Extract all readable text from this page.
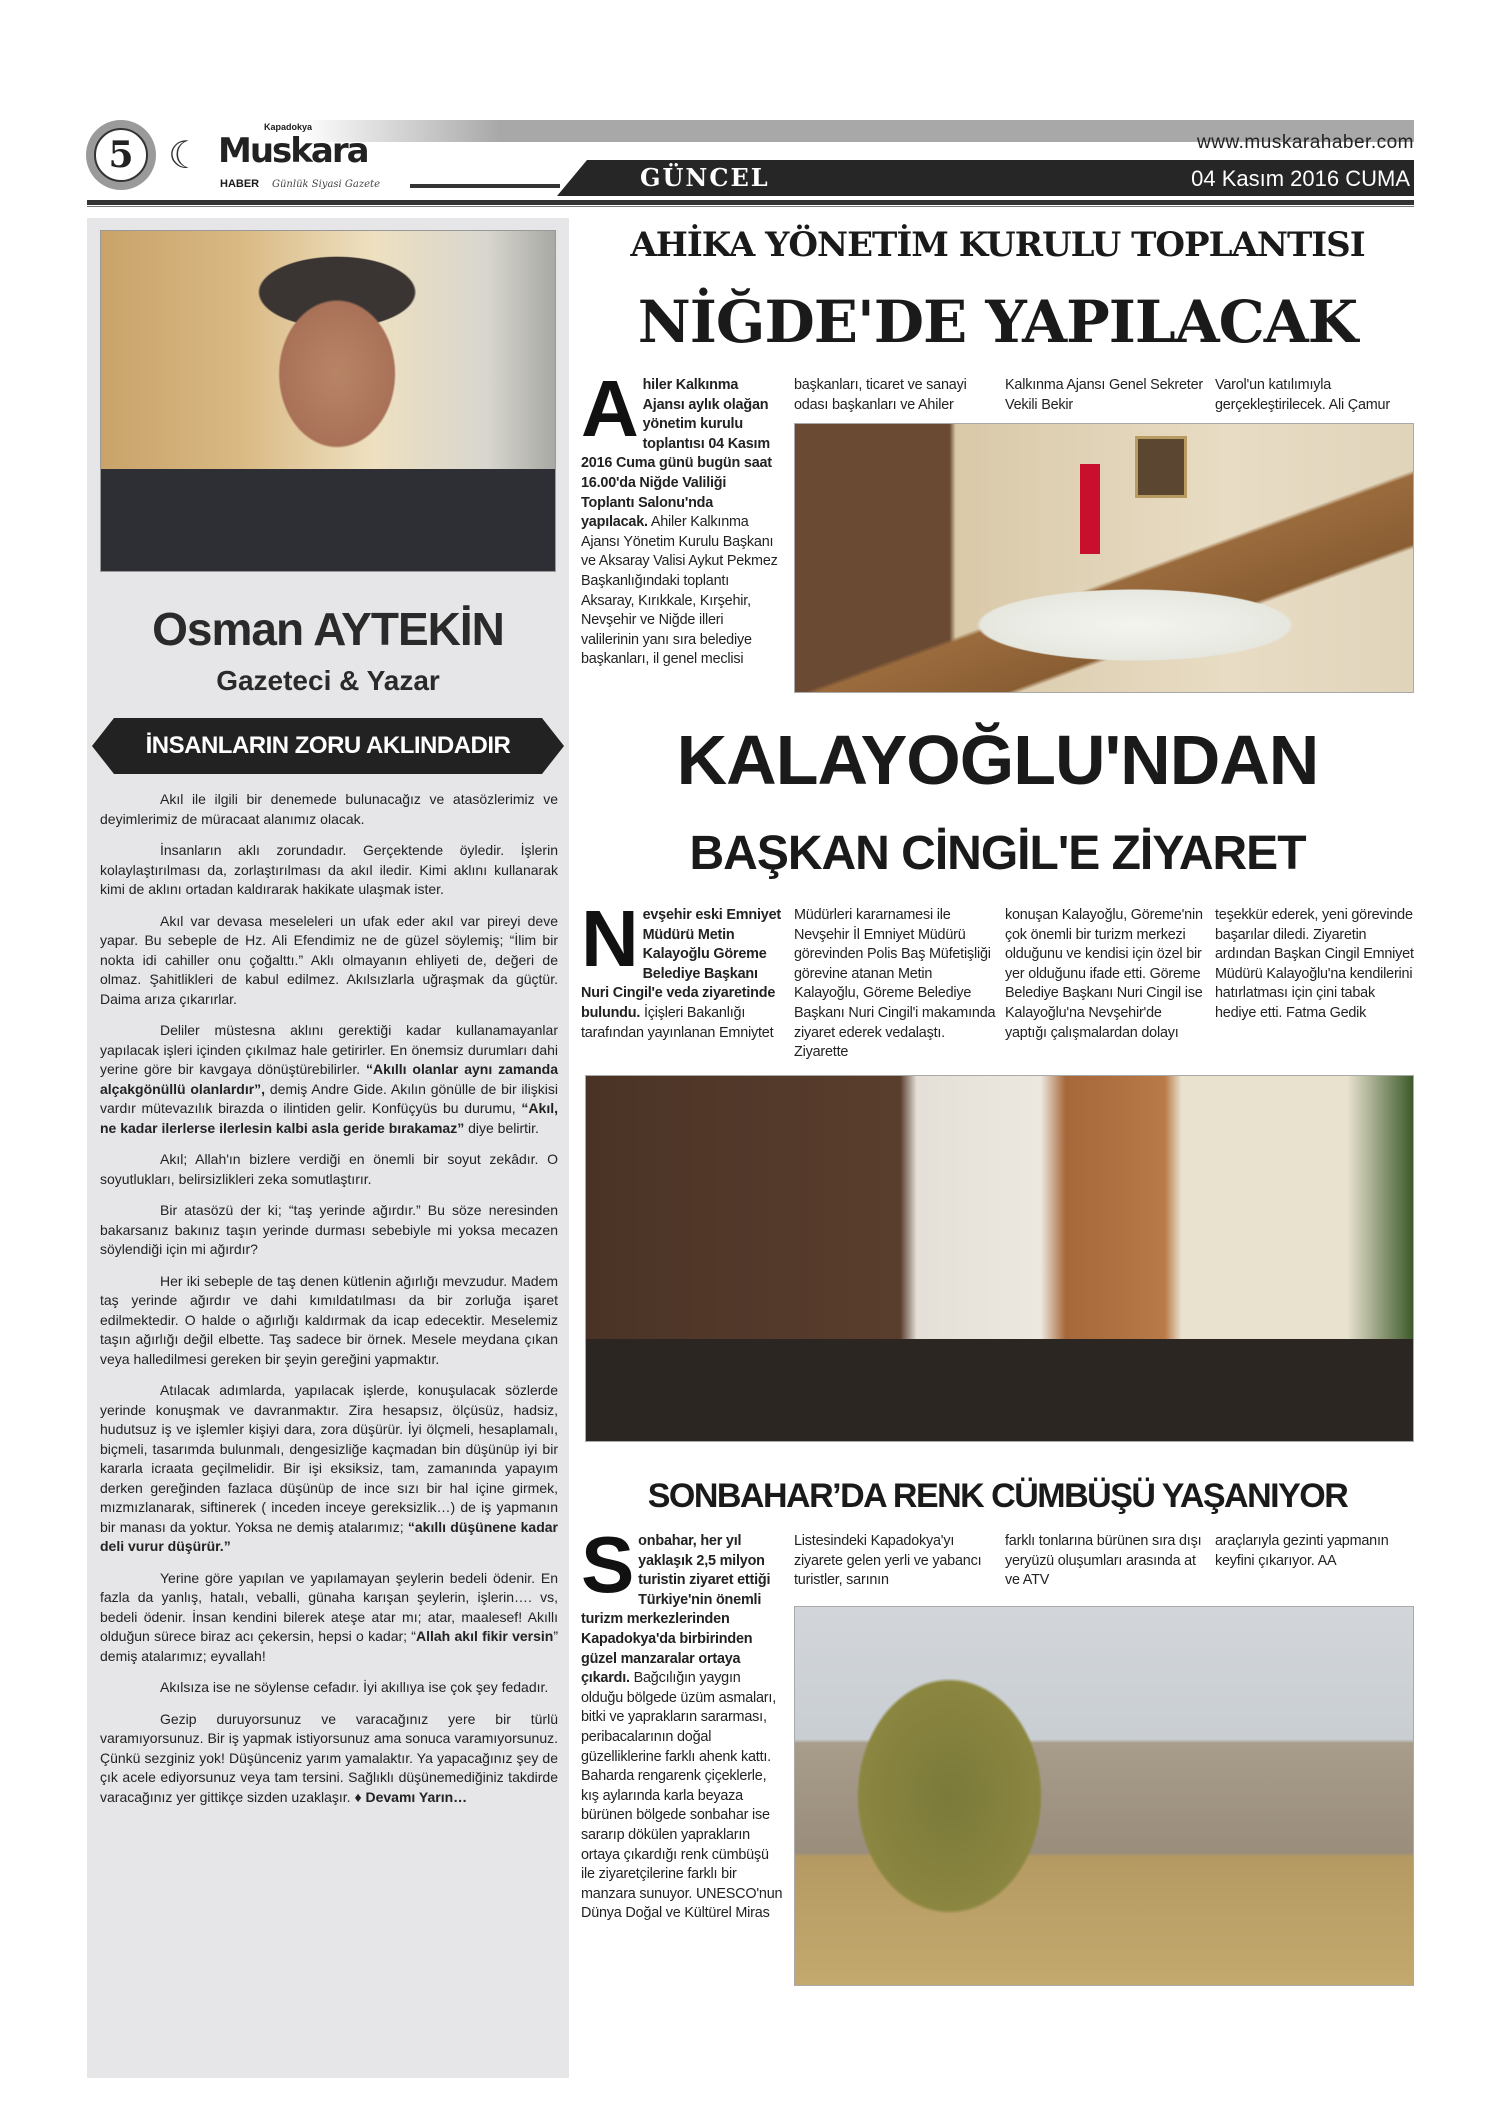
5 ☾
Kapadokya
Muskara
HABER Günlük Siyasi Gazete
www.muskarahaber.com
GÜNCEL	04 Kasım 2016 CUMA
Osman AYTEKİN
Gazeteci & Yazar
İNSANLARIN ZORU AKLINDADIR

Akıl ile ilgili bir denemede bulunacağız ve atasözlerimiz ve deyimlerimiz de müracaat alanımız olacak.

İnsanların aklı zorundadır. Gerçektende öyledir. İşlerin kolaylaştırılması da, zorlaştırılması da akıl iledir. Kimi aklını kullanarak kimi de aklını ortadan kaldırarak hakikate ulaşmak ister.

Akıl var devasa meseleleri un ufak eder akıl var pireyi deve yapar. Bu sebeple de Hz. Ali Efendimiz ne de güzel söylemiş; “İlim bir nokta idi cahiller onu çoğalttı.” Aklı olmayanın ehliyeti de, değeri de olmaz. Şahitlikleri de kabul edilmez. Akılsızlarla uğraşmak da güçtür. Daima arıza çıkarırlar.

Deliler müstesna aklını gerektiği kadar kullanamayanlar yapılacak işleri içinden çıkılmaz hale getirirler. En önemsiz durumları dahi yerine göre bir kavgaya dönüştürebilirler. “Akıllı olanlar aynı zamanda alçakgönüllü olanlardır”, demiş Andre Gide. Akılın gönülle de bir ilişkisi vardır mütevazılık birazda o ilintiden gelir. Konfüçyüs bu durumu, “Akıl, ne kadar ilerlerse ilerlesin kalbi asla geride bırakamaz” diye belirtir.

Akıl; Allah'ın bizlere verdiği en önemli bir soyut zekâdır. O soyutlukları, belirsizlikleri zeka somutlaştırır.

Bir atasözü der ki; “taş yerinde ağırdır.” Bu söze neresinden bakarsanız bakınız taşın yerinde durması sebebiyle mi yoksa mecazen söylendiği için mi ağırdır?

Her iki sebeple de taş denen kütlenin ağırlığı mevzudur. Madem taş yerinde ağırdır ve dahi kımıldatılması da bir zorluğa işaret edilmektedir. O halde o ağırlığı kaldırmak da icap edecektir. Meselemiz taşın ağırlığı değil elbette. Taş sadece bir örnek. Mesele meydana çıkan veya halledilmesi gereken bir şeyin gereğini yapmaktır.

Atılacak adımlarda, yapılacak işlerde, konuşulacak sözlerde yerinde konuşmak ve davranmaktır. Zira hesapsız, ölçüsüz, hadsiz, hudutsuz iş ve işlemler kişiyi dara, zora düşürür. İyi ölçmeli, hesaplamalı, biçmeli, tasarımda bulunmalı, dengesizliğe kaçmadan bin düşünüp iyi bir kararla icraata geçilmelidir. Bir işi eksiksiz, tam, zamanında yapayım derken gereğinden fazlaca düşünüp de ince sızı bir hal içine girmek, mızmızlanarak, siftinerek ( inceden inceye gereksizlik…) de iş yapmanın bir manası da yoktur. Yoksa ne demiş atalarımız; “akıllı düşünene kadar deli vurur düşürür.”

Yerine göre yapılan ve yapılamayan şeylerin bedeli ödenir. En fazla da yanlış, hatalı, veballi, günaha karışan şeylerin, işlerin…. vs, bedeli ödenir. İnsan kendini bilerek ateşe atar mı; atar, maalesef! Akıllı olduğun sürece biraz acı çekersin, hepsi o kadar; “Allah akıl fikir versin” demiş atalarımız; eyvallah!

Akılsıza ise ne söylense cefadır. İyi akıllıya ise çok şey fedadır.

Gezip duruyorsunuz ve varacağınız yere bir türlü varamıyorsunuz. Bir iş yapmak istiyorsunuz ama sonuca varamıyorsunuz. Çünkü sezginiz yok! Düşünceniz yarım yamalaktır. Ya yapacağınız şey de çık acele ediyorsunuz veya tam tersini. Sağlıklı düşünemediğiniz takdirde varacağınız yer gittikçe sizden uzaklaşır. ♦ Devamı Yarın…

AHİKA YÖNETİM KURULU TOPLANTISI
NİĞDE'DE YAPILACAK
Ahiler Kalkınma Ajansı aylık olağan yönetim kurulu toplantısı 04 Kasım 2016 Cuma günü bugün saat 16.00'da Niğde Valiliği Toplantı Salonu'nda yapılacak. Ahiler Kalkınma Ajansı Yönetim Kurulu Başkanı ve Aksaray Valisi Aykut Pekmez Başkanlığındaki toplantı Aksaray, Kırıkkale, Kırşehir, Nevşehir ve Niğde illeri valilerinin yanı sıra belediye başkanları, il genel meclisi
başkanları, ticaret ve sanayi odası başkanları ve Ahiler
Kalkınma Ajansı Genel Sekreter Vekili Bekir
Varol'un katılımıyla gerçekleştirilecek. Ali Çamur
KALAYOĞLU'NDAN
BAŞKAN CİNGİL'E ZİYARET
Nevşehir eski Emniyet Müdürü Metin Kalayoğlu Göreme Belediye Başkanı Nuri Cingil'e veda ziyaretinde bulundu. İçişleri Bakanlığı tarafından yayınlanan Emniytet
Müdürleri kararnamesi ile Nevşehir İl Emniyet Müdürü görevinden Polis Baş Müfetişliği görevine atanan Metin Kalayoğlu, Göreme Belediye Başkanı Nuri Cingil'i makamında ziyaret ederek vedalaştı. Ziyarette
konuşan Kalayoğlu, Göreme'nin çok önemli bir turizm merkezi olduğunu ve kendisi için özel bir yer olduğunu ifade etti. Göreme Belediye Başkanı Nuri Cingil ise Kalayoğlu'na Nevşehir'de yaptığı çalışmalardan dolayı
teşekkür ederek, yeni görevinde başarılar diledi. Ziyaretin ardından Başkan Cingil Emniyet Müdürü Kalayoğlu'na kendilerini hatırlatması için çini tabak hediye etti. Fatma Gedik
SONBAHAR’DA RENK CÜMBÜŞÜ YAŞANIYOR
Sonbahar, her yıl yaklaşık 2,5 milyon turistin ziyaret ettiği Türkiye'nin önemli turizm merkezlerinden Kapadokya'da birbirinden güzel manzaralar ortaya çıkardı. Bağcılığın yaygın olduğu bölgede üzüm asmaları, bitki ve yaprakların sararması, peribacalarının doğal güzelliklerine farklı ahenk kattı. Baharda rengarenk çiçeklerle, kış aylarında karla beyaza bürünen bölgede sonbahar ise sararıp dökülen yaprakların ortaya çıkardığı renk cümbüşü ile ziyaretçilerine farklı bir manzara sunuyor. UNESCO'nun Dünya Doğal ve Kültürel Miras
Listesindeki Kapadokya'yı ziyarete gelen yerli ve yabancı turistler, sarının
farklı tonlarına bürünen sıra dışı yeryüzü oluşumları arasında at ve ATV
araçlarıyla gezinti yapmanın keyfini çıkarıyor. AA
